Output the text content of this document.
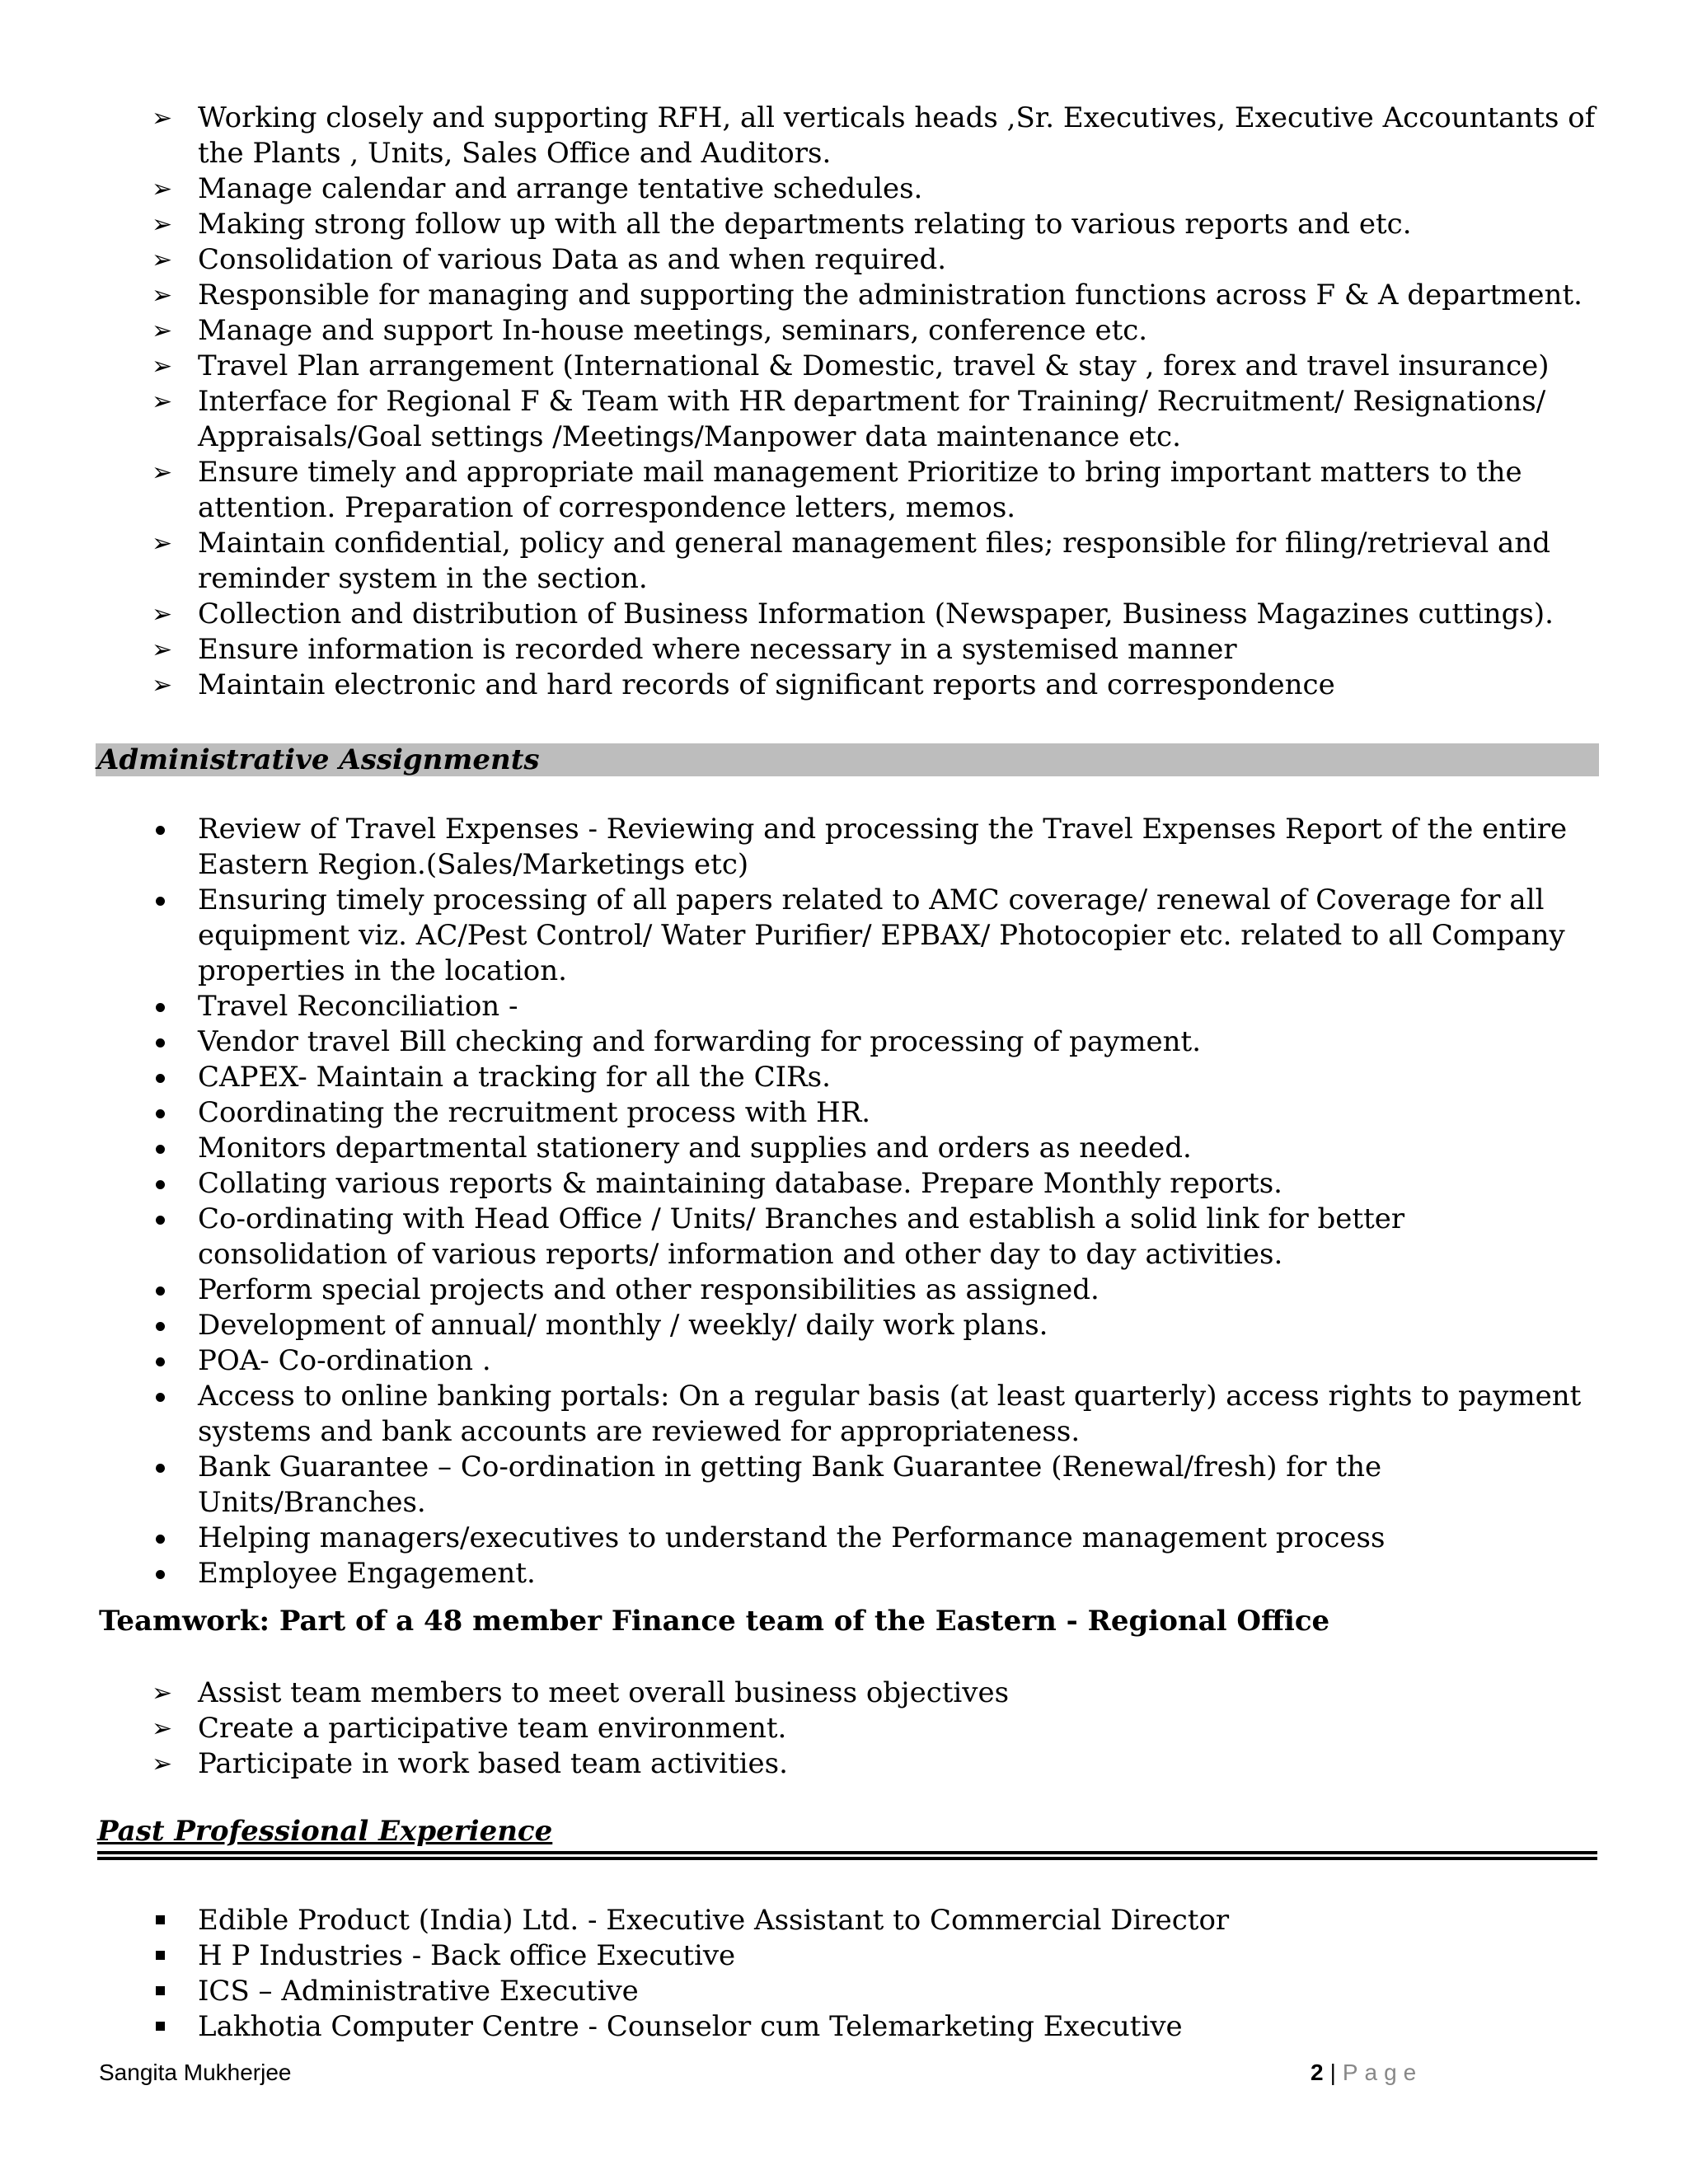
➢ Working closely and supporting RFH, all verticals heads ,Sr. Executives, Executive Accountants of the Plants , Units, Sales Office and Auditors.
➢ Manage calendar and arrange tentative schedules.
➢ Making strong follow up with all the departments relating to various reports and etc.
➢ Consolidation of various Data as and when required.
➢ Responsible for managing and supporting the administration functions across F & A department.
➢ Manage and support In-house meetings, seminars, conference etc.
➢ Travel Plan arrangement (International & Domestic, travel & stay , forex and travel insurance)
➢ Interface for Regional F & Team with HR department for Training/ Recruitment/ Resignations/ Appraisals/Goal settings /Meetings/Manpower data maintenance etc.
➢ Ensure timely and appropriate mail management Prioritize to bring important matters to the attention. Preparation of correspondence letters, memos.
➢ Maintain confidential, policy and general management files; responsible for filing/retrieval and reminder system in the section.
➢ Collection and distribution of Business Information (Newspaper, Business Magazines cuttings).
➢ Ensure information is recorded where necessary in a systemised manner
➢ Maintain electronic and hard records of significant reports and correspondence
Administrative Assignments
Review of Travel Expenses - Reviewing and processing the Travel Expenses Report of the entire Eastern Region.(Sales/Marketings etc)
Ensuring timely processing of all papers related to AMC coverage/ renewal of Coverage for all equipment viz. AC/Pest Control/ Water Purifier/ EPBAX/ Photocopier etc. related to all Company properties in the location.
Travel Reconciliation -
Vendor travel Bill checking and forwarding for processing of payment.
CAPEX- Maintain a tracking for all the CIRs.
Coordinating the recruitment process with HR.
Monitors departmental stationery and supplies and orders as needed.
Collating various reports & maintaining database. Prepare Monthly reports.
Co-ordinating with Head Office / Units/ Branches and establish a solid link for better consolidation of various reports/ information and other day to day activities.
Perform special projects and other responsibilities as assigned.
Development of annual/ monthly / weekly/ daily work plans.
POA- Co-ordination .
Access to online banking portals: On a regular basis (at least quarterly) access rights to payment systems and bank accounts are reviewed for appropriateness.
Bank Guarantee – Co-ordination in getting Bank Guarantee (Renewal/fresh) for the Units/Branches.
Helping managers/executives to understand the Performance management process
Employee Engagement.
Teamwork: Part of a 48 member Finance team of the Eastern - Regional Office
➢ Assist team members to meet overall business objectives
➢ Create a participative team environment.
➢ Participate in work based team activities.
Past Professional Experience
Edible Product (India) Ltd. - Executive Assistant to Commercial Director
H P Industries - Back office Executive
ICS – Administrative Executive
Lakhotia Computer Centre - Counselor cum Telemarketing Executive
Sangita Mukherjee	2 | Page
